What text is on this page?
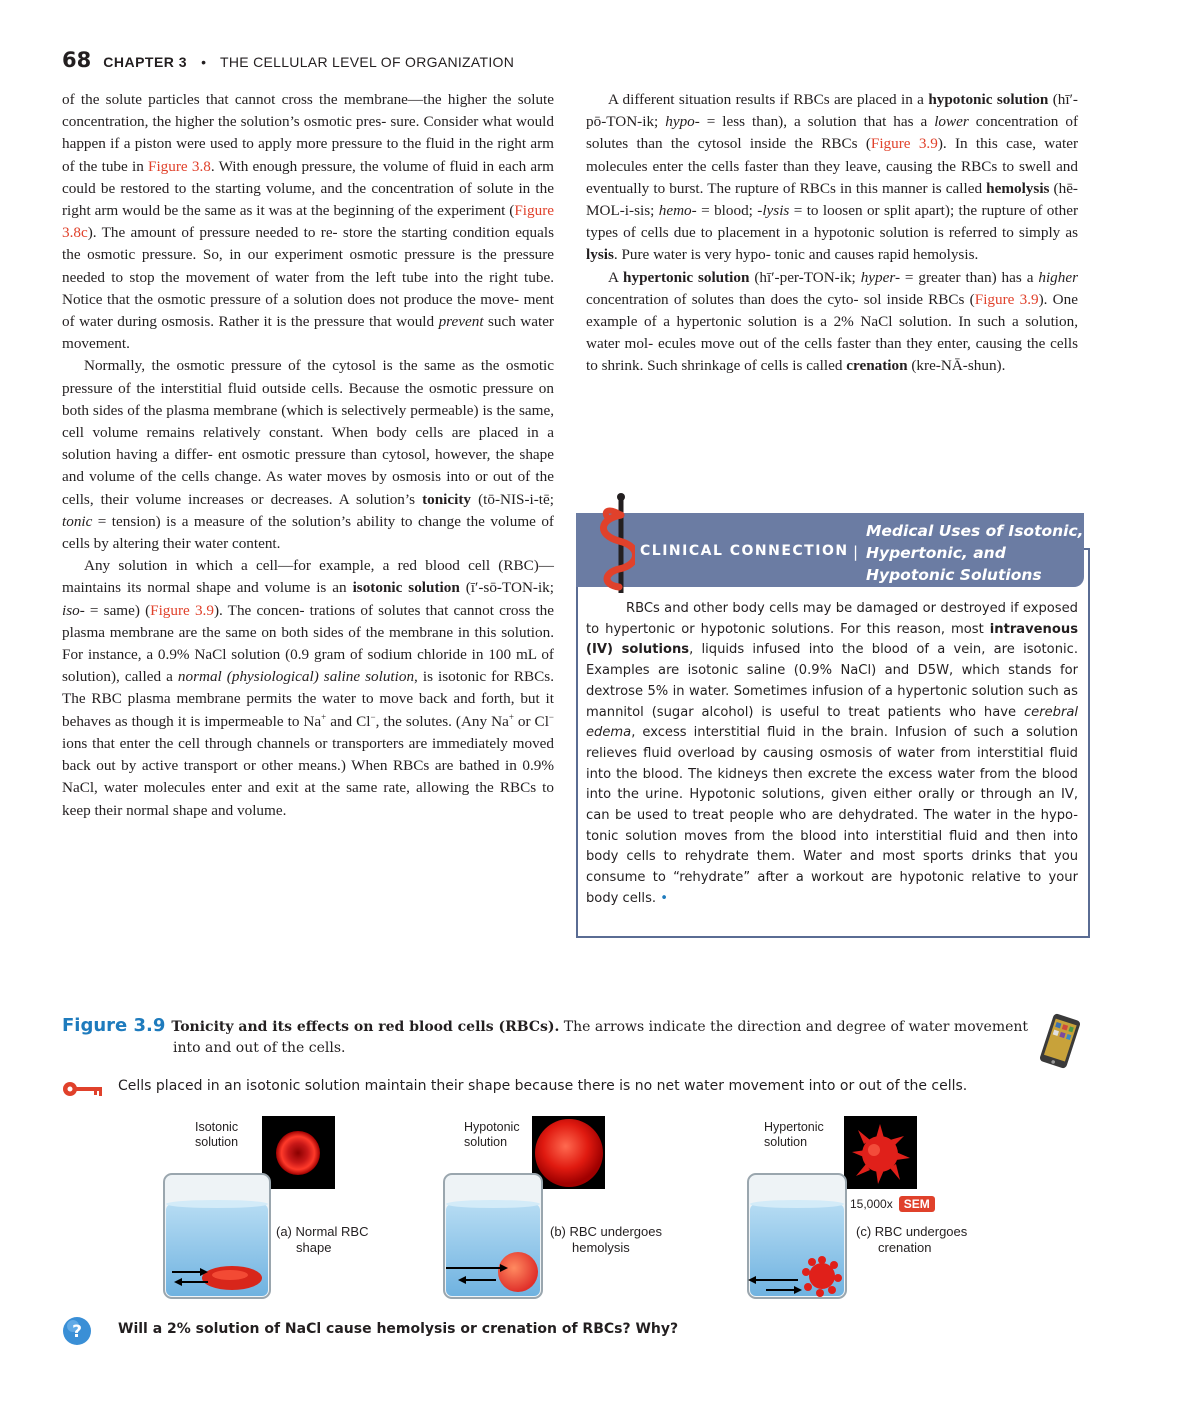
68 CHAPTER 3 • THE CELLULAR LEVEL OF ORGANIZATION

of the solute particles that cannot cross the membrane—the higher the solute concentration, the higher the solution’s osmotic pres- sure. Consider what would happen if a piston were used to apply more pressure to the fluid in the right arm of the tube in Figure 3.8. With enough pressure, the volume of fluid in each arm could be restored to the starting volume, and the concentration of solute in the right arm would be the same as it was at the beginning of the experiment (Figure 3.8c). The amount of pressure needed to re- store the starting condition equals the osmotic pressure. So, in our experiment osmotic pressure is the pressure needed to stop the movement of water from the left tube into the right tube. Notice that the osmotic pressure of a solution does not produce the move- ment of water during osmosis. Rather it is the pressure that would prevent such water movement.

Normally, the osmotic pressure of the cytosol is the same as the osmotic pressure of the interstitial fluid outside cells. Because the osmotic pressure on both sides of the plasma membrane (which is selectively permeable) is the same, cell volume remains relatively constant. When body cells are placed in a solution having a differ- ent osmotic pressure than cytosol, however, the shape and volume of the cells change. As water moves by osmosis into or out of the cells, their volume increases or decreases. A solution’s tonicity (tō-NIS-i-tē; tonic = tension) is a measure of the solution’s ability to change the volume of cells by altering their water content.

Any solution in which a cell—for example, a red blood cell (RBC)—maintains its normal shape and volume is an isotonic solution (ī′-sō-TON-ik; iso- = same) (Figure 3.9). The concen- trations of solutes that cannot cross the plasma membrane are the same on both sides of the membrane in this solution. For instance, a 0.9% NaCl solution (0.9 gram of sodium chloride in 100 mL of solution), called a normal (physiological) saline solution, is isotonic for RBCs. The RBC plasma membrane permits the water to move back and forth, but it behaves as though it is impermeable to Na+ and Cl−, the solutes. (Any Na+ or Cl− ions that enter the cell through channels or transporters are immediately moved back out by active transport or other means.) When RBCs are bathed in 0.9% NaCl, water molecules enter and exit at the same rate, allowing the RBCs to keep their normal shape and volume.

A different situation results if RBCs are placed in a hypotonic solution (hī′-pō-TON-ik; hypo- = less than), a solution that has a lower concentration of solutes than the cytosol inside the RBCs (Figure 3.9). In this case, water molecules enter the cells faster than they leave, causing the RBCs to swell and eventually to burst. The rupture of RBCs in this manner is called hemolysis (hē-MOL-i-sis; hemo- = blood; -lysis = to loosen or split apart); the rupture of other types of cells due to placement in a hypotonic solution is referred to simply as lysis. Pure water is very hypo- tonic and causes rapid hemolysis.

A hypertonic solution (hī′-per-TON-ik; hyper- = greater than) has a higher concentration of solutes than does the cyto- sol inside RBCs (Figure 3.9). One example of a hypertonic solution is a 2% NaCl solution. In such a solution, water mol- ecules move out of the cells faster than they enter, causing the cells to shrink. Such shrinkage of cells is called crenation (kre-NĀ-shun).

CLINICAL CONNECTION |
Medical Uses of Isotonic, Hypertonic, and Hypotonic Solutions
RBCs and other body cells may be damaged or destroyed if exposed to hypertonic or hypotonic solutions. For this reason, most intravenous (IV) solutions, liquids infused into the blood of a vein, are isotonic. Examples are isotonic saline (0.9% NaCl) and D5W, which stands for dextrose 5% in water. Sometimes infusion of a hypertonic solution such as mannitol (sugar alcohol) is useful to treat patients who have cerebral edema, excess interstitial fluid in the brain. Infusion of such a solution relieves fluid overload by causing osmosis of water from interstitial fluid into the blood. The kidneys then excrete the excess water from the blood into the urine. Hypotonic solutions, given either orally or through an IV, can be used to treat people who are dehydrated. The water in the hypo- tonic solution moves from the blood into interstitial fluid and then into body cells to rehydrate them. Water and most sports drinks that you consume to “rehydrate” after a workout are hypotonic relative to your body cells. •
Figure 3.9 Tonicity and its effects on red blood cells (RBCs). The arrows indicate the direction and degree of water movement
into and out of the cells.
Cells placed in an isotonic solution maintain their shape because there is no net water movement into or out of the cells.
Isotonic
solution
(a) Normal RBC
shape
Hypotonic
solution
(b) RBC undergoes
hemolysis
Hypertonic
solution
15,000x SEM
(c) RBC undergoes
crenation
?	Will a 2% solution of NaCl cause hemolysis or crenation of RBCs? Why?
